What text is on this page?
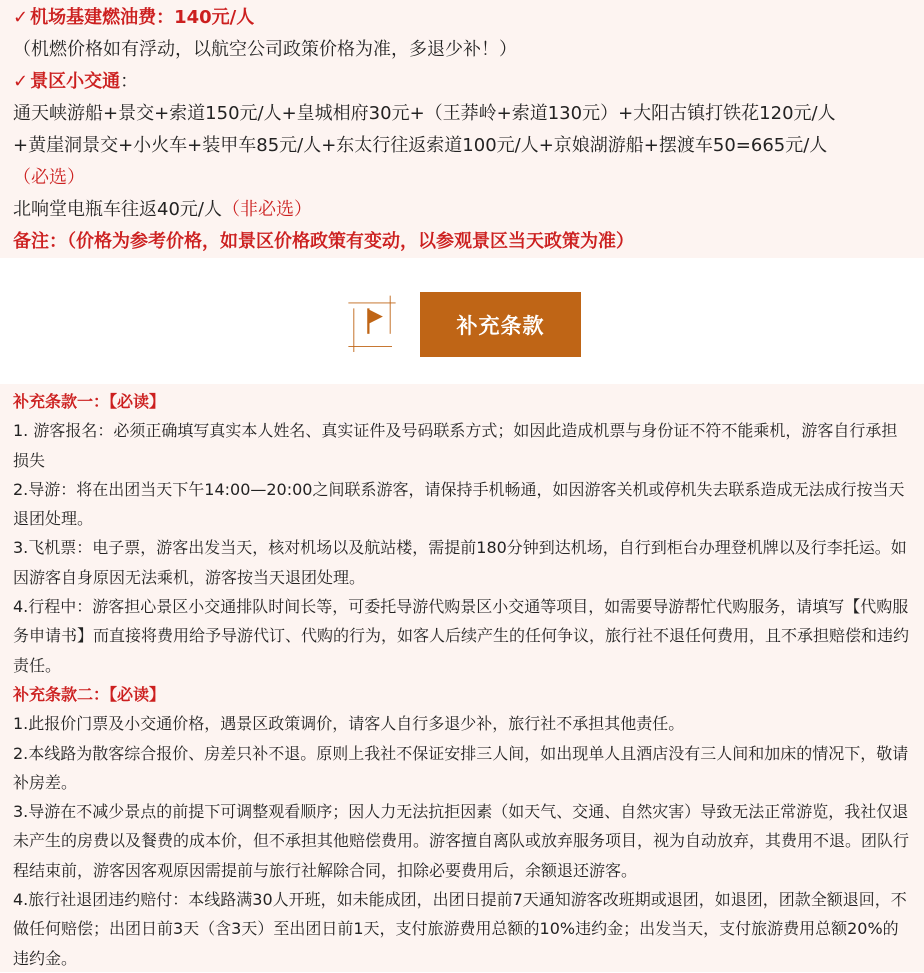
✓ 机场基建燃油费：140元/人
（机燃价格如有浮动，以航空公司政策价格为准，多退少补！）
✓ 景区小交通：
通天峡游船+景交+索道150元/人+皇城相府30元+（王莽岭+索道130元）+大阳古镇打铁花120元/人
+黄崖洞景交+小火车+装甲车85元/人+东太行往返索道100元/人+京娘湖游船+摆渡车50=665元/人
（必选）
北响堂电瓶车往返40元/人（非必选）
备注：（价格为参考价格，如景区价格政策有变动，以参观景区当天政策为准）
补充条款
补充条款一：【必读】
1. 游客报名：必须正确填写真实本人姓名、真实证件及号码联系方式；如因此造成机票与身份证不符不能乘机，游客自行承担损失
2.导游：将在出团当天下午14:00—20:00之间联系游客，请保持手机畅通，如因游客关机或停机失去联系造成无法成行按当天退团处理。
3.飞机票：电子票，游客出发当天，核对机场以及航站楼，需提前180分钟到达机场，自行到柜台办理登机牌以及行李托运。如因游客自身原因无法乘机，游客按当天退团处理。
4.行程中：游客担心景区小交通排队时间长等，可委托导游代购景区小交通等项目，如需要导游帮忙代购服务，请填写【代购服务申请书】而直接将费用给予导游代订、代购的行为，如客人后续产生的任何争议，旅行社不退任何费用，且不承担赔偿和违约责任。
补充条款二：【必读】
1.此报价门票及小交通价格，遇景区政策调价，请客人自行多退少补，旅行社不承担其他责任。
2.本线路为散客综合报价、房差只补不退。原则上我社不保证安排三人间，如出现单人且酒店没有三人间和加床的情况下，敬请补房差。
3.导游在不减少景点的前提下可调整观看顺序；因人力无法抗拒因素（如天气、交通、自然灾害）导致无法正常游览，我社仅退未产生的房费以及餐费的成本价，但不承担其他赔偿费用。游客擅自离队或放弃服务项目，视为自动放弃，其费用不退。团队行程结束前，游客因客观原因需提前与旅行社解除合同，扣除必要费用后，余额退还游客。
4.旅行社退团违约赔付：本线路满30人开班，如未能成团，出团日提前7天通知游客改班期或退团，如退团，团款全额退回，不做任何赔偿；出团日前3天（含3天）至出团日前1天，支付旅游费用总额的10%违约金；出发当天，支付旅游费用总额20%的违约金。
